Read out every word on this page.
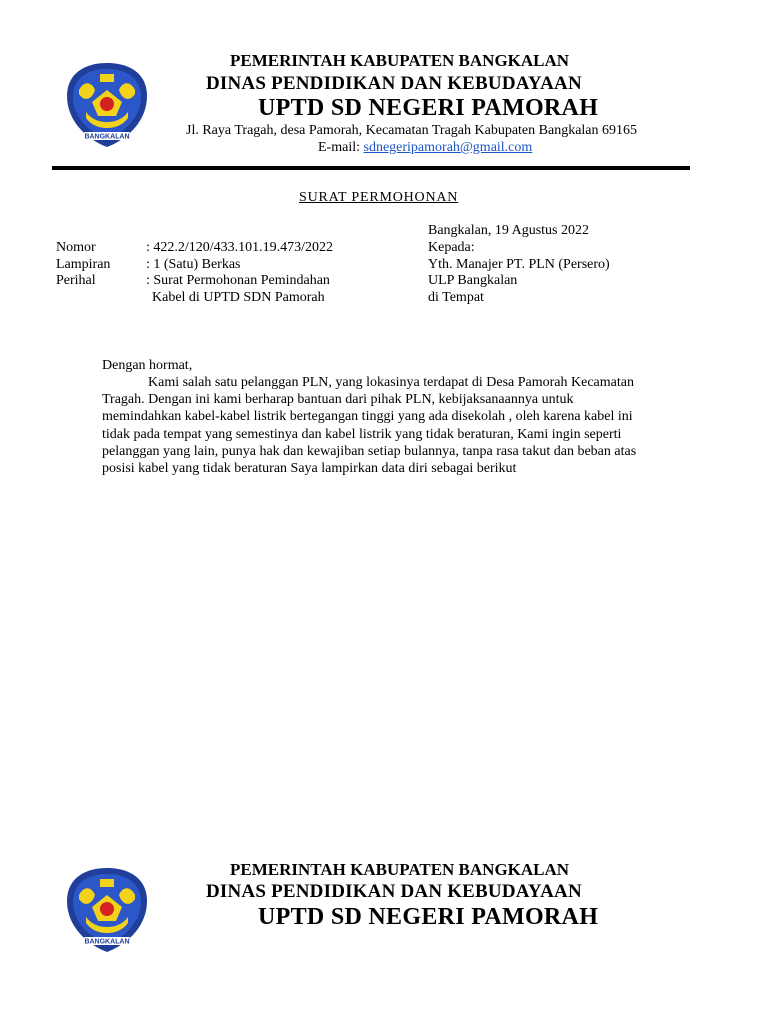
BANGKALAN
PEMERINTAH KABUPATEN BANGKALAN
DINAS PENDIDIKAN DAN KEBUDAYAAN
UPTD SD NEGERI PAMORAH
Jl. Raya Tragah, desa Pamorah, Kecamatan Tragah Kabupaten Bangkalan 69165
E-mail: sdnegeripamorah@gmail.com
SURAT PERMOHONAN
Bangkalan, 19 Agustus 2022
Nomor	: 422.2/120/433.101.19.473/2022
Lampiran	: 1 (Satu) Berkas
Perihal	: Surat Permohonan Pemindahan
Kabel di UPTD SDN Pamorah
Kepada:
Yth. Manajer PT. PLN (Persero)
ULP Bangkalan
di Tempat
Dengan hormat,
Kami salah satu pelanggan PLN, yang lokasinya terdapat di Desa Pamorah Kecamatan
Tragah. Dengan ini kami berharap bantuan dari pihak PLN, kebijaksanaannya untuk
memindahkan kabel-kabel listrik bertegangan tinggi yang ada disekolah , oleh karena kabel ini
tidak pada tempat yang semestinya dan kabel listrik yang tidak beraturan, Kami ingin seperti
pelanggan yang lain, punya hak dan kewajiban setiap bulannya, tanpa rasa takut dan beban atas
posisi kabel yang tidak beraturan Saya lampirkan data diri sebagai berikut
BANGKALAN
PEMERINTAH KABUPATEN BANGKALAN
DINAS PENDIDIKAN DAN KEBUDAYAAN
UPTD SD NEGERI PAMORAH
